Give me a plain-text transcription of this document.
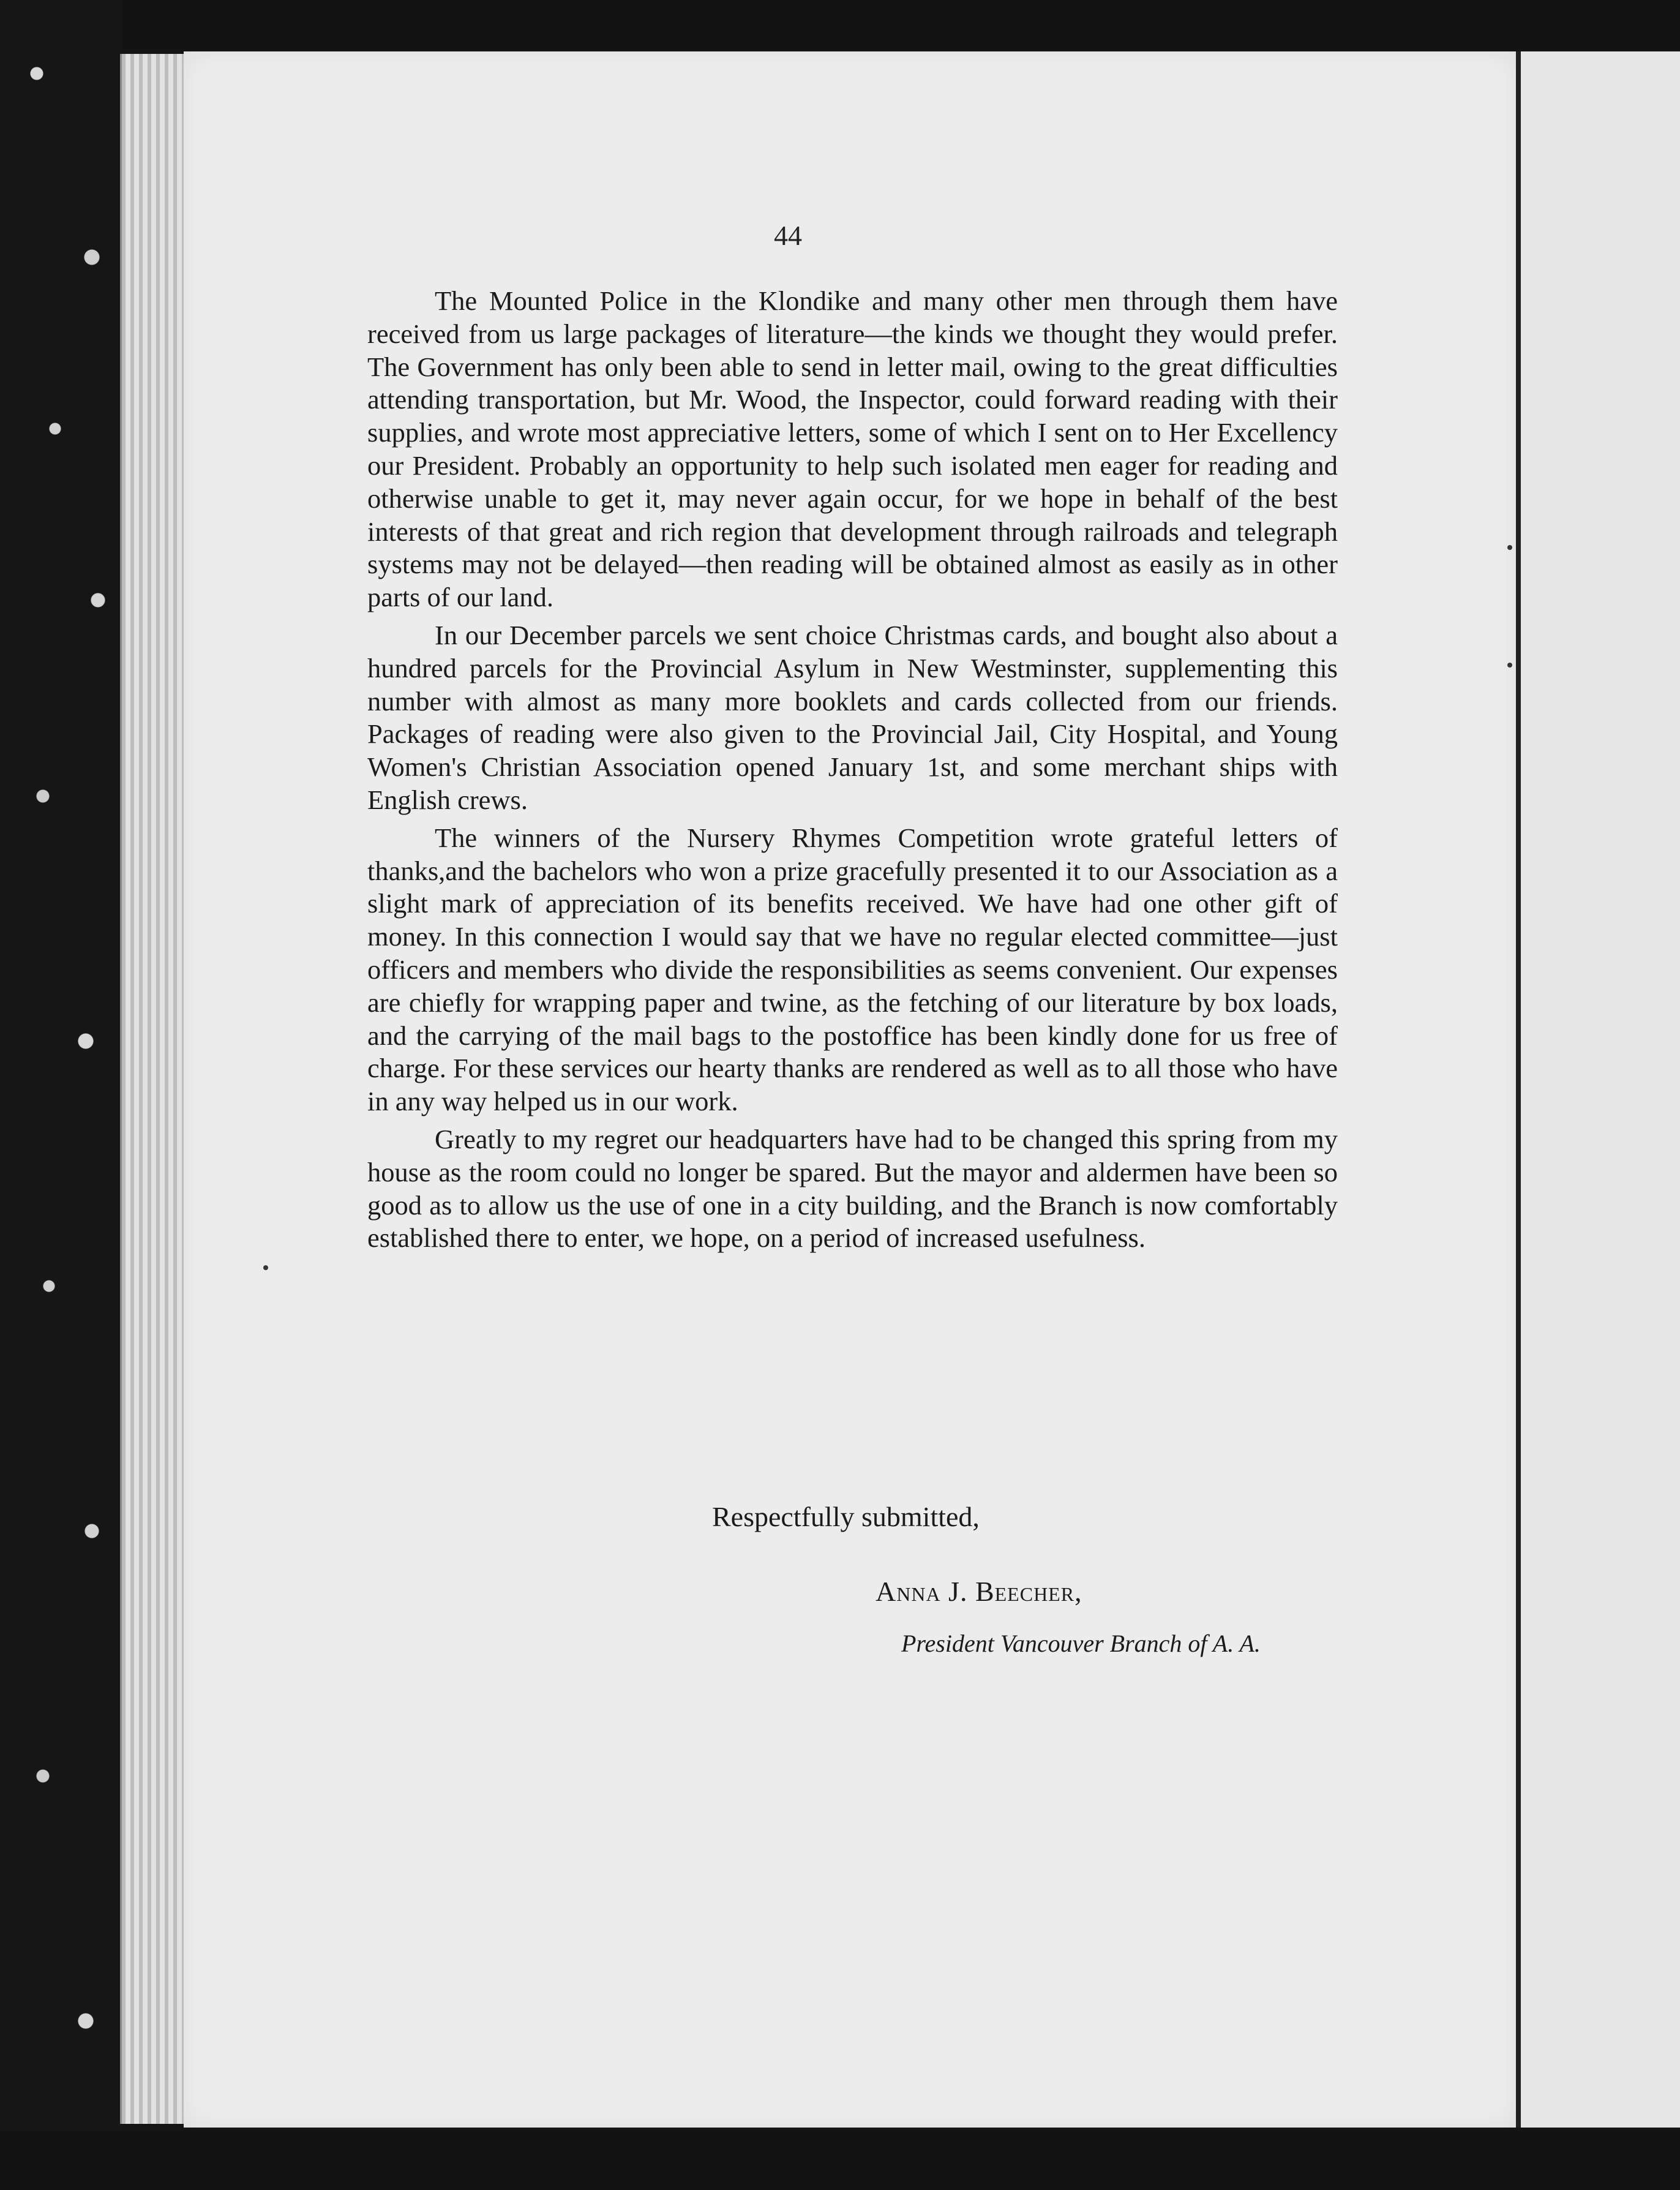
44

The Mounted Police in the Klondike and many other men through them have received from us large packages of literature—the kinds we thought they would prefer. The Government has only been able to send in letter mail, owing to the great difficulties attending transportation, but Mr. Wood, the Inspector, could forward reading with their supplies, and wrote most appreciative letters, some of which I sent on to Her Excellency our President. Probably an opportunity to help such isolated men eager for reading and otherwise unable to get it, may never again occur, for we hope in behalf of the best interests of that great and rich region that development through railroads and telegraph systems may not be delayed—then reading will be obtained almost as easily as in other parts of our land.

In our December parcels we sent choice Christmas cards, and bought also about a hundred parcels for the Provincial Asylum in New Westminster, supplementing this number with almost as many more booklets and cards collected from our friends. Packages of reading were also given to the Provincial Jail, City Hospital, and Young Women's Christian Association opened January 1st, and some merchant ships with English crews.

The winners of the Nursery Rhymes Competition wrote grateful letters of thanks,and the bachelors who won a prize gracefully presented it to our Association as a slight mark of appreciation of its benefits received. We have had one other gift of money. In this connection I would say that we have no regular elected committee—just officers and members who divide the responsibilities as seems convenient. Our expenses are chiefly for wrapping paper and twine, as the fetching of our literature by box loads, and the carrying of the mail bags to the postoffice has been kindly done for us free of charge. For these services our hearty thanks are rendered as well as to all those who have in any way helped us in our work.

Greatly to my regret our headquarters have had to be changed this spring from my house as the room could no longer be spared. But the mayor and aldermen have been so good as to allow us the use of one in a city building, and the Branch is now comfortably established there to enter, we hope, on a period of increased usefulness.

Respectfully submitted,
Anna J. Beecher,
President Vancouver Branch of A. A.
